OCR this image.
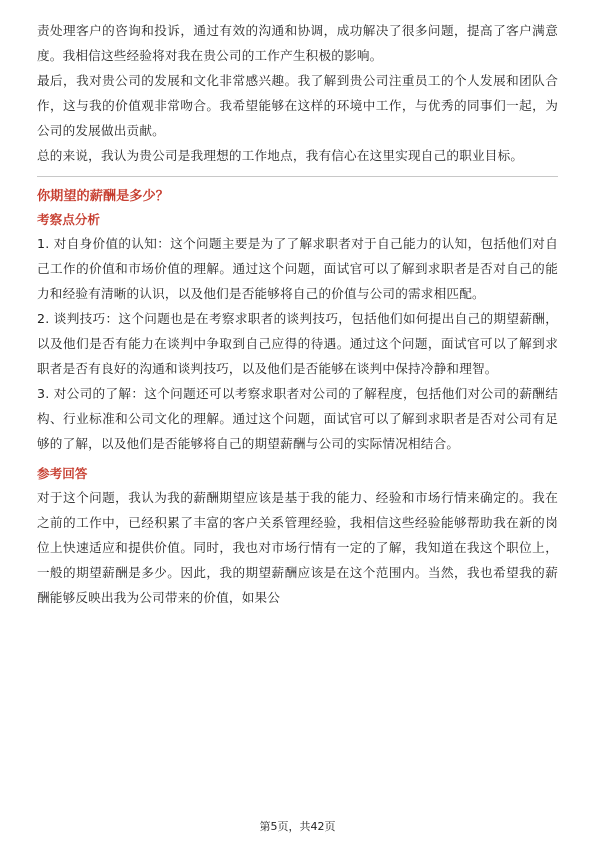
责处理客户的咨询和投诉，通过有效的沟通和协调，成功解决了很多问题，提高了客户满意度。我相信这些经验将对我在贵公司的工作产生积极的影响。

最后，我对贵公司的发展和文化非常感兴趣。我了解到贵公司注重员工的个人发展和团队合作，这与我的价值观非常吻合。我希望能够在这样的环境中工作，与优秀的同事们一起，为公司的发展做出贡献。

总的来说，我认为贵公司是我理想的工作地点，我有信心在这里实现自己的职业目标。

你期望的薪酬是多少？

考察点分析

1. 对自身价值的认知：这个问题主要是为了了解求职者对于自己能力的认知，包括他们对自己工作的价值和市场价值的理解。通过这个问题，面试官可以了解到求职者是否对自己的能力和经验有清晰的认识，以及他们是否能够将自己的价值与公司的需求相匹配。

2. 谈判技巧：这个问题也是在考察求职者的谈判技巧，包括他们如何提出自己的期望薪酬，以及他们是否有能力在谈判中争取到自己应得的待遇。通过这个问题，面试官可以了解到求职者是否有良好的沟通和谈判技巧，以及他们是否能够在谈判中保持冷静和理智。

3. 对公司的了解：这个问题还可以考察求职者对公司的了解程度，包括他们对公司的薪酬结构、行业标准和公司文化的理解。通过这个问题，面试官可以了解到求职者是否对公司有足够的了解，以及他们是否能够将自己的期望薪酬与公司的实际情况相结合。

参考回答

对于这个问题，我认为我的薪酬期望应该是基于我的能力、经验和市场行情来确定的。我在之前的工作中，已经积累了丰富的客户关系管理经验，我相信这些经验能够帮助我在新的岗位上快速适应和提供价值。同时，我也对市场行情有一定的了解，我知道在我这个职位上，一般的期望薪酬是多少。因此，我的期望薪酬应该是在这个范围内。当然，我也希望我的薪酬能够反映出我为公司带来的价值，如果公

第5页，共42页
